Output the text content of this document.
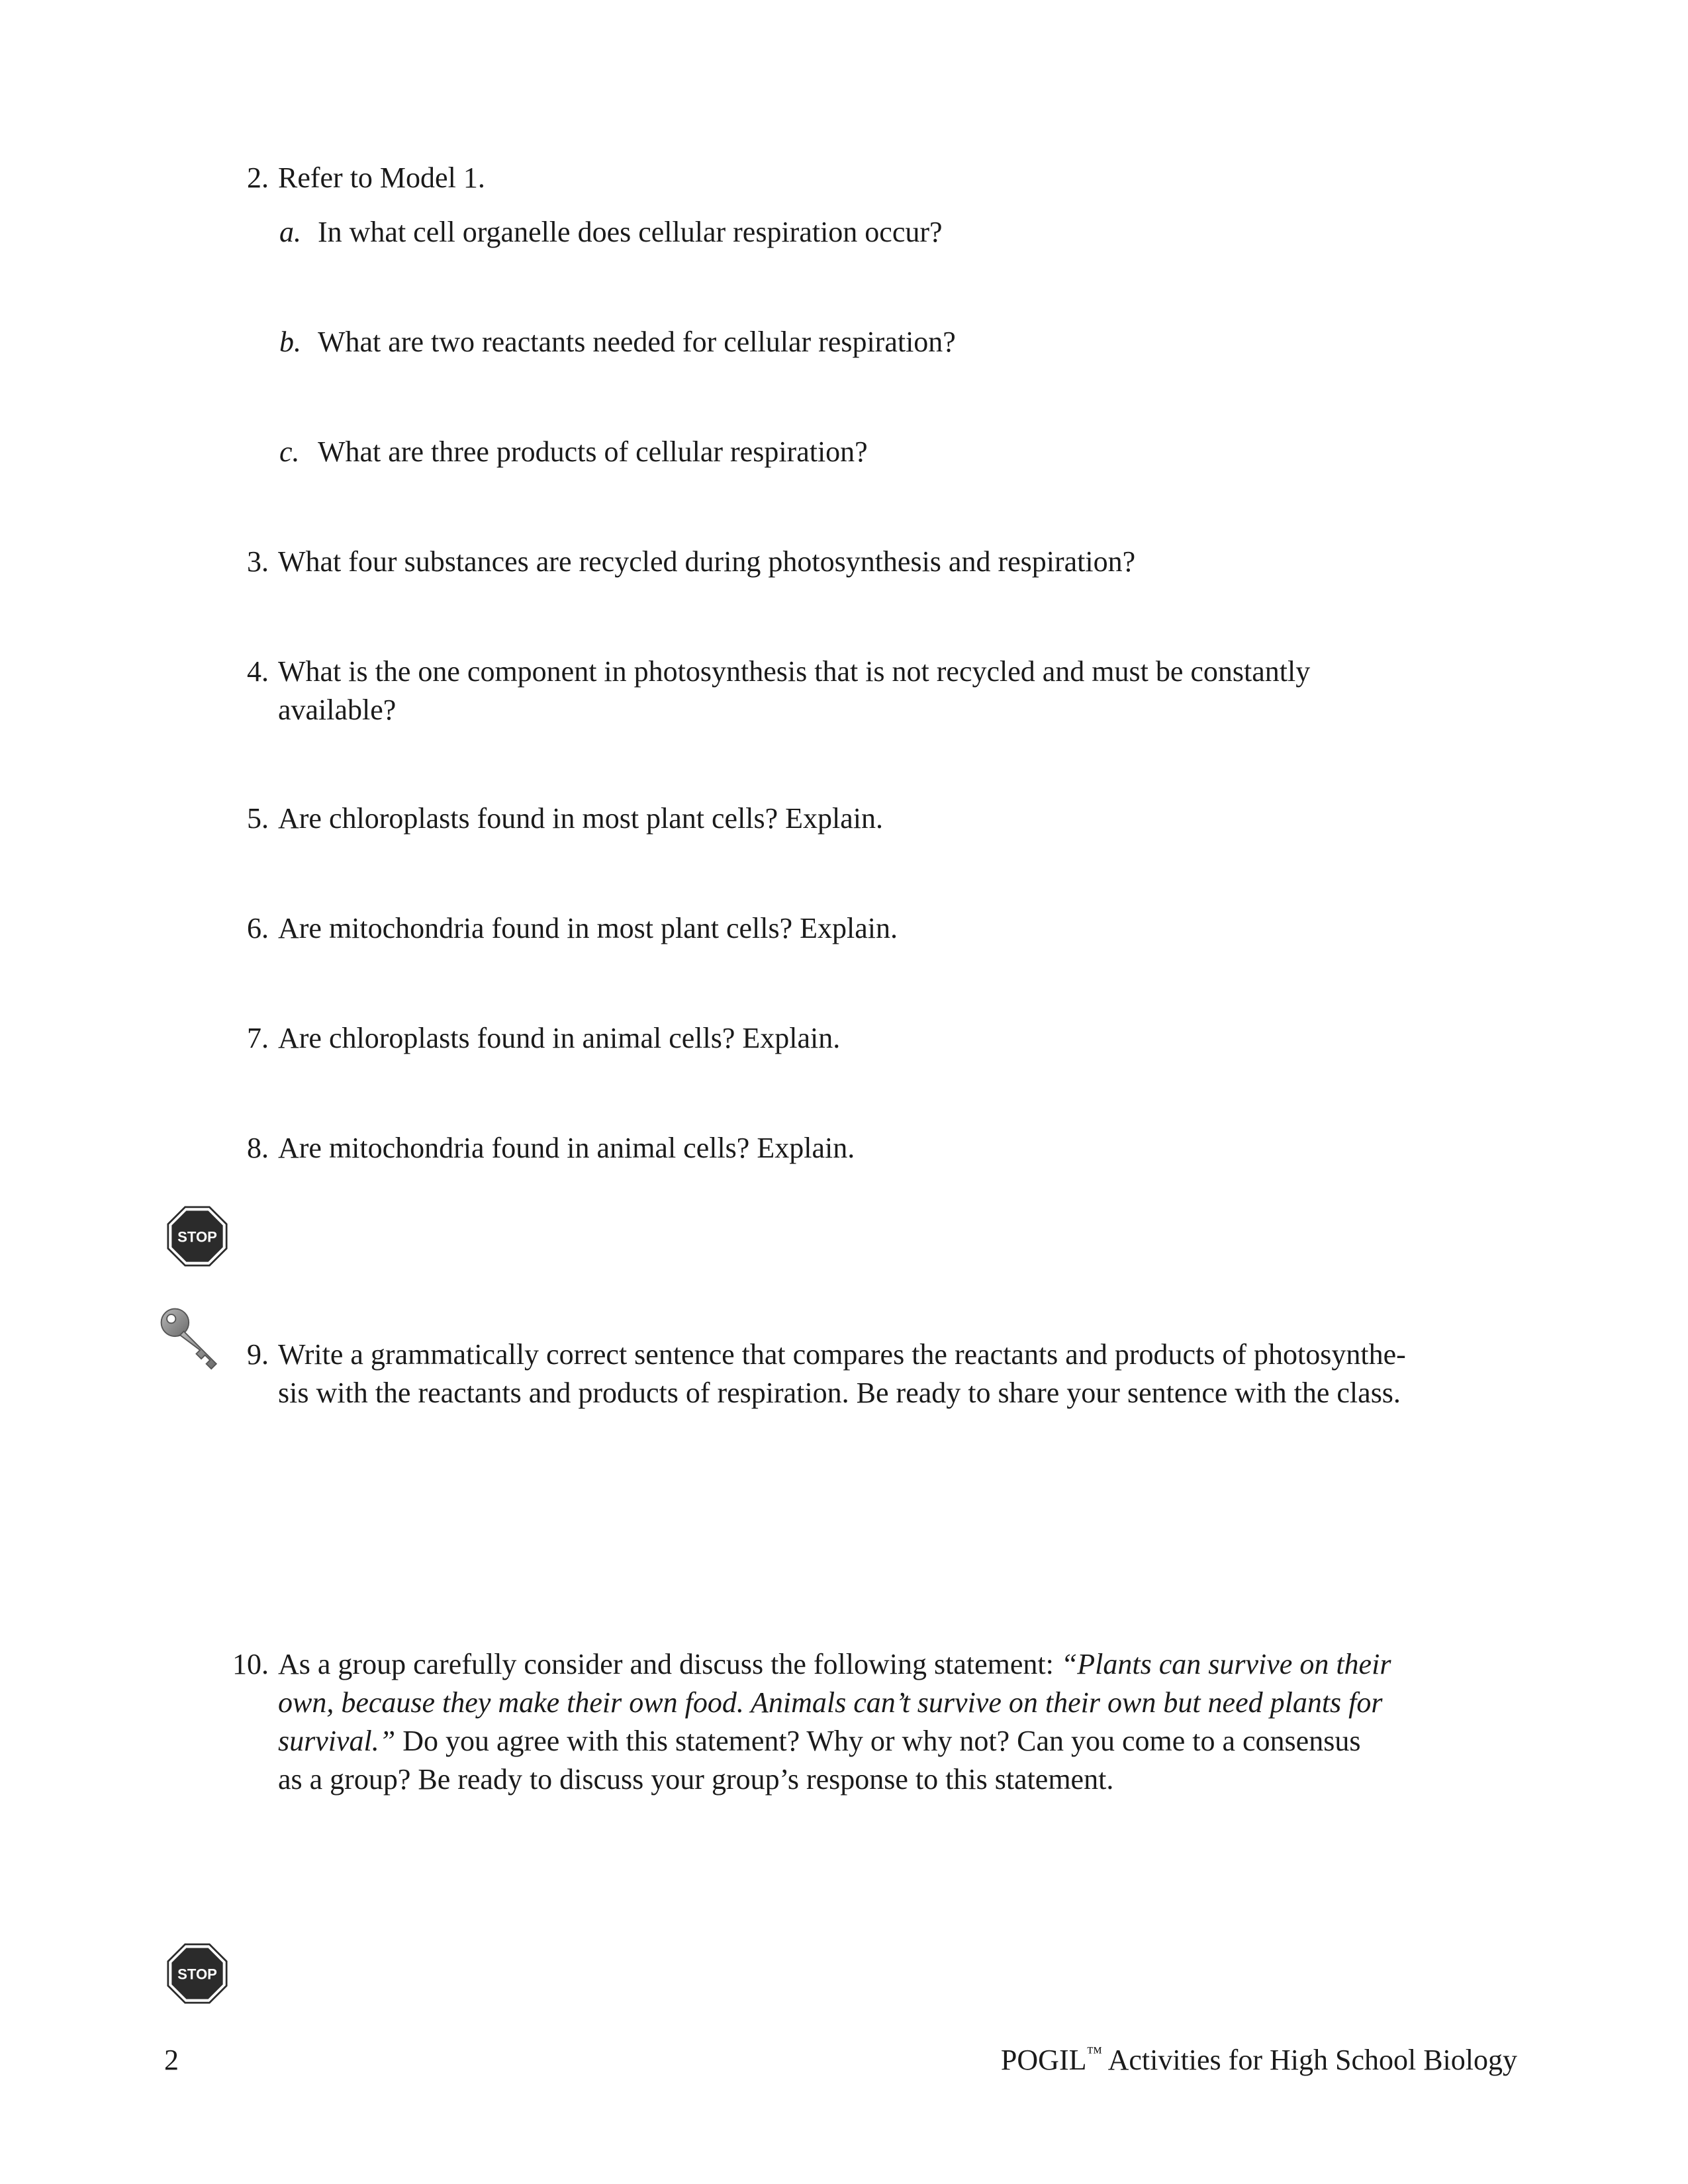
2. Refer to Model 1.
a. In what cell organelle does cellular respiration occur?
b. What are two reactants needed for cellular respiration?
c. What are three products of cellular respiration?
3. What four substances are recycled during photosynthesis and respiration?
4. What is the one component in photosynthesis that is not recycled and must be constantly
available?
5. Are chloroplasts found in most plant cells? Explain.
6. Are mitochondria found in most plant cells? Explain.
7. Are chloroplasts found in animal cells? Explain.
8. Are mitochondria found in animal cells? Explain.
STOP
9. Write a grammatically correct sentence that compares the reactants and products of photosynthe-
sis with the reactants and products of respiration. Be ready to share your sentence with the class.
10. As a group carefully consider and discuss the following statement: “Plants can survive on their
own, because they make their own food. Animals can’t survive on their own but need plants for
survival.” Do you agree with this statement? Why or why not? Can you come to a consensus
as a group? Be ready to discuss your group’s response to this statement.
STOP
2	POGIL™ Activities for High School Biology
